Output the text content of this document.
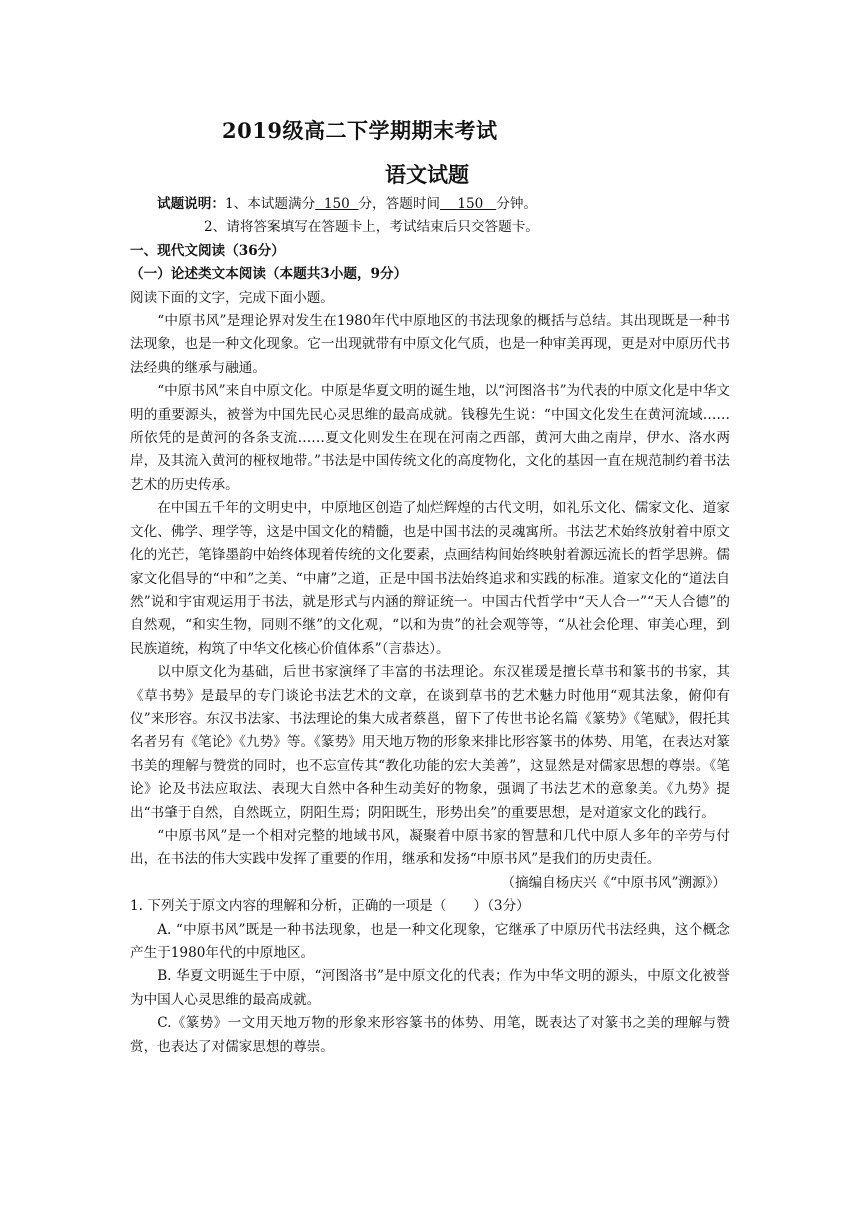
2019级高二下学期期末考试
语文试题
试题说明：1、本试题满分 150 分，答题时间 150 分钟。
2、请将答案填写在答题卡上，考试结束后只交答题卡。
一、现代文阅读（36分）
（一）论述类文本阅读（本题共3小题，9分）
阅读下面的文字，完成下面小题。

“中原书风”是理论界对发生在1980年代中原地区的书法现象的概括与总结。其出现既是一种书法现象，也是一种文化现象。它一出现就带有中原文化气质，也是一种审美再现，更是对中原历代书法经典的继承与融通。

“中原书风”来自中原文化。中原是华夏文明的诞生地，以“河图洛书”为代表的中原文化是中华文明的重要源头，被誉为中国先民心灵思维的最高成就。钱穆先生说：“中国文化发生在黄河流域……所依凭的是黄河的各条支流……夏文化则发生在现在河南之西部，黄河大曲之南岸，伊水、洛水两岸，及其流入黄河的桠杈地带。”书法是中国传统文化的高度物化，文化的基因一直在规范制约着书法艺术的历史传承。

在中国五千年的文明史中，中原地区创造了灿烂辉煌的古代文明，如礼乐文化、儒家文化、道家文化、佛学、理学等，这是中国文化的精髓，也是中国书法的灵魂寓所。书法艺术始终放射着中原文化的光芒，笔锋墨韵中始终体现着传统的文化要素，点画结构间始终映射着源远流长的哲学思辨。儒家文化倡导的“中和”之美、“中庸”之道，正是中国书法始终追求和实践的标准。道家文化的“道法自然”说和宇宙观运用于书法，就是形式与内涵的辩证统一。中国古代哲学中“天人合一”“天人合德”的自然观，“和实生物，同则不继”的文化观，“以和为贵”的社会观等等，“从社会伦理、审美心理，到民族道统，构筑了中华文化核心价值体系”（言恭达）。

以中原文化为基础，后世书家演绎了丰富的书法理论。东汉崔瑗是擅长草书和篆书的书家，其《草书势》是最早的专门谈论书法艺术的文章，在谈到草书的艺术魅力时他用“观其法象，俯仰有仪”来形容。东汉书法家、书法理论的集大成者蔡邕，留下了传世书论名篇《篆势》《笔赋》，假托其名者另有《笔论》《九势》等。《篆势》用天地万物的形象来排比形容篆书的体势、用笔，在表达对篆书美的理解与赞赏的同时，也不忘宣传其“教化功能的宏大美善”，这显然是对儒家思想的尊崇。《笔论》论及书法应取法、表现大自然中各种生动美好的物象，强调了书法艺术的意象美。《九势》提出“书肇于自然，自然既立，阴阳生焉；阴阳既生，形势出矣”的重要思想，是对道家文化的践行。

“中原书风”是一个相对完整的地域书风，凝聚着中原书家的智慧和几代中原人多年的辛劳与付出，在书法的伟大实践中发挥了重要的作用，继承和发扬“中原书风”是我们的历史责任。

（摘编自杨庆兴《“中原书风”溯源》）

1. 下列关于原文内容的理解和分析，正确的一项是（　　）（3分）

A. “中原书风”既是一种书法现象，也是一种文化现象，它继承了中原历代书法经典，这个概念产生于1980年代的中原地区。

B. 华夏文明诞生于中原，“河图洛书”是中原文化的代表；作为中华文明的源头，中原文化被誉为中国人心灵思维的最高成就。

C.《篆势》一文用天地万物的形象来形容篆书的体势、用笔，既表达了对篆书之美的理解与赞赏，也表达了对儒家思想的尊崇。
